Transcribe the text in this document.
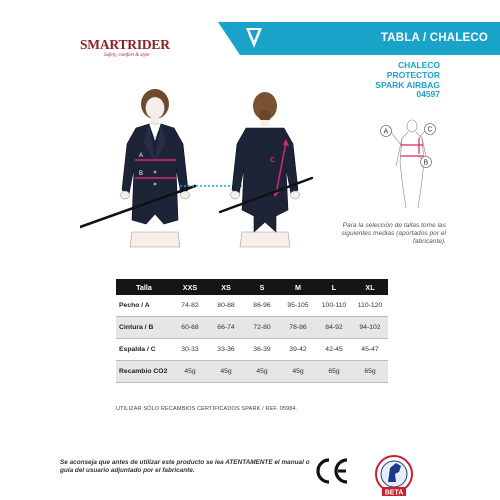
TABLA / CHALECO
SMARTRIDER
Safety, comfort & style
CHALECO
PROTECTOR
SPARK AIRBAG
04597
A
B
C
A	C
B
Para la selección de tallas tome las siguientes medias (aportados por el fabricante).
Talla	XXS	XS	S	M	L	XL
Pecho / A	74-82	80-88	86-96	95-105	100-110	110-120
Cintura / B	60-68	66-74	72-80	78-86	84-92	94-102
Espalda / C	30-33	33-36	36-39	39-42	42-45	45-47
Recambio CO2	45g	45g	45g	45g	65g	65g
UTILIZAR SÓLO RECAMBIOS CERTIFICADOS SPARK / REF. 05984.
Se aconseja que antes de utilizar este producto se lea ATENTAMENTE el manual o guía del usuario adjuntado por el fabricante.
BETA
